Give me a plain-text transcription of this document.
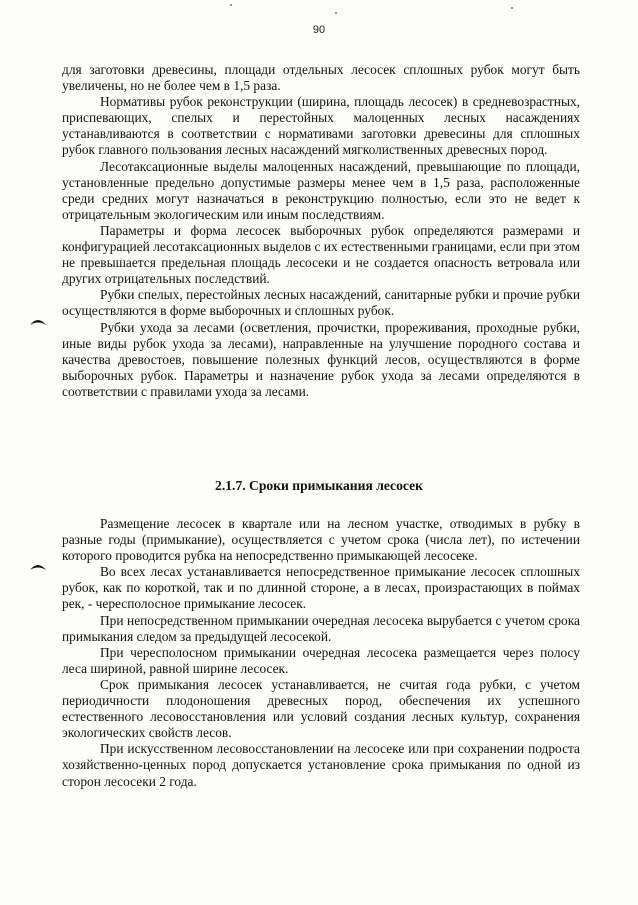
90

для заготовки древесины, площади отдельных лесосек сплошных рубок могут быть увеличены, но не более чем в 1,5 раза.

Нормативы рубок реконструкции (ширина, площадь лесосек) в средневозрастных, приспевающих, спелых и перестойных малоценных лесных насаждениях устанавливаются в соответствии с нормативами заготовки древесины для сплошных рубок главного пользования лесных насаждений мягколиственных древесных пород.

Лесотаксационные выделы малоценных насаждений, превышающие по площади, установленные предельно допустимые размеры менее чем в 1,5 раза, расположенные среди средних могут назначаться в реконструкцию полностью, если это не ведет к отрицательным экологическим или иным последствиям.

Параметры и форма лесосек выборочных рубок определяются размерами и конфигурацией лесотаксационных выделов с их естественными границами, если при этом не превышается предельная площадь лесосеки и не создается опасность ветровала или других отрицательных последствий.

Рубки спелых, перестойных лесных насаждений, санитарные рубки и прочие рубки осуществляются в форме выборочных и сплошных рубок.

Рубки ухода за лесами (осветления, прочистки, прореживания, проходные рубки, иные виды рубок ухода за лесами), направленные на улучшение породного состава и качества древостоев, повышение полезных функций лесов, осуществляются в форме выборочных рубок. Параметры и назначение рубок ухода за лесами определяются в соответствии с правилами ухода за лесами.

2.1.7. Сроки примыкания лесосек

Размещение лесосек в квартале или на лесном участке, отводимых в рубку в разные годы (примыкание), осуществляется с учетом срока (числа лет), по истечении которого проводится рубка на непосредственно примыкающей лесосеке.

Во всех лесах устанавливается непосредственное примыкание лесосек сплошных рубок, как по короткой, так и по длинной стороне, а в лесах, произрастающих в поймах рек, - чересполосное примыкание лесосек.

При непосредственном примыкании очередная лесосека вырубается с учетом срока примыкания следом за предыдущей лесосекой.

При чересполосном примыкании очередная лесосека размещается через полосу леса шириной, равной ширине лесосек.

Срок примыкания лесосек устанавливается, не считая года рубки, с учетом периодичности плодоношения древесных пород, обеспечения их успешного естественного лесовосстановления или условий создания лесных культур, сохранения экологических свойств лесов.

При искусственном лесовосстановлении на лесосеке или при сохранении подроста хозяйственно-ценных пород допускается установление срока примыкания по одной из сторон лесосеки 2 года.
